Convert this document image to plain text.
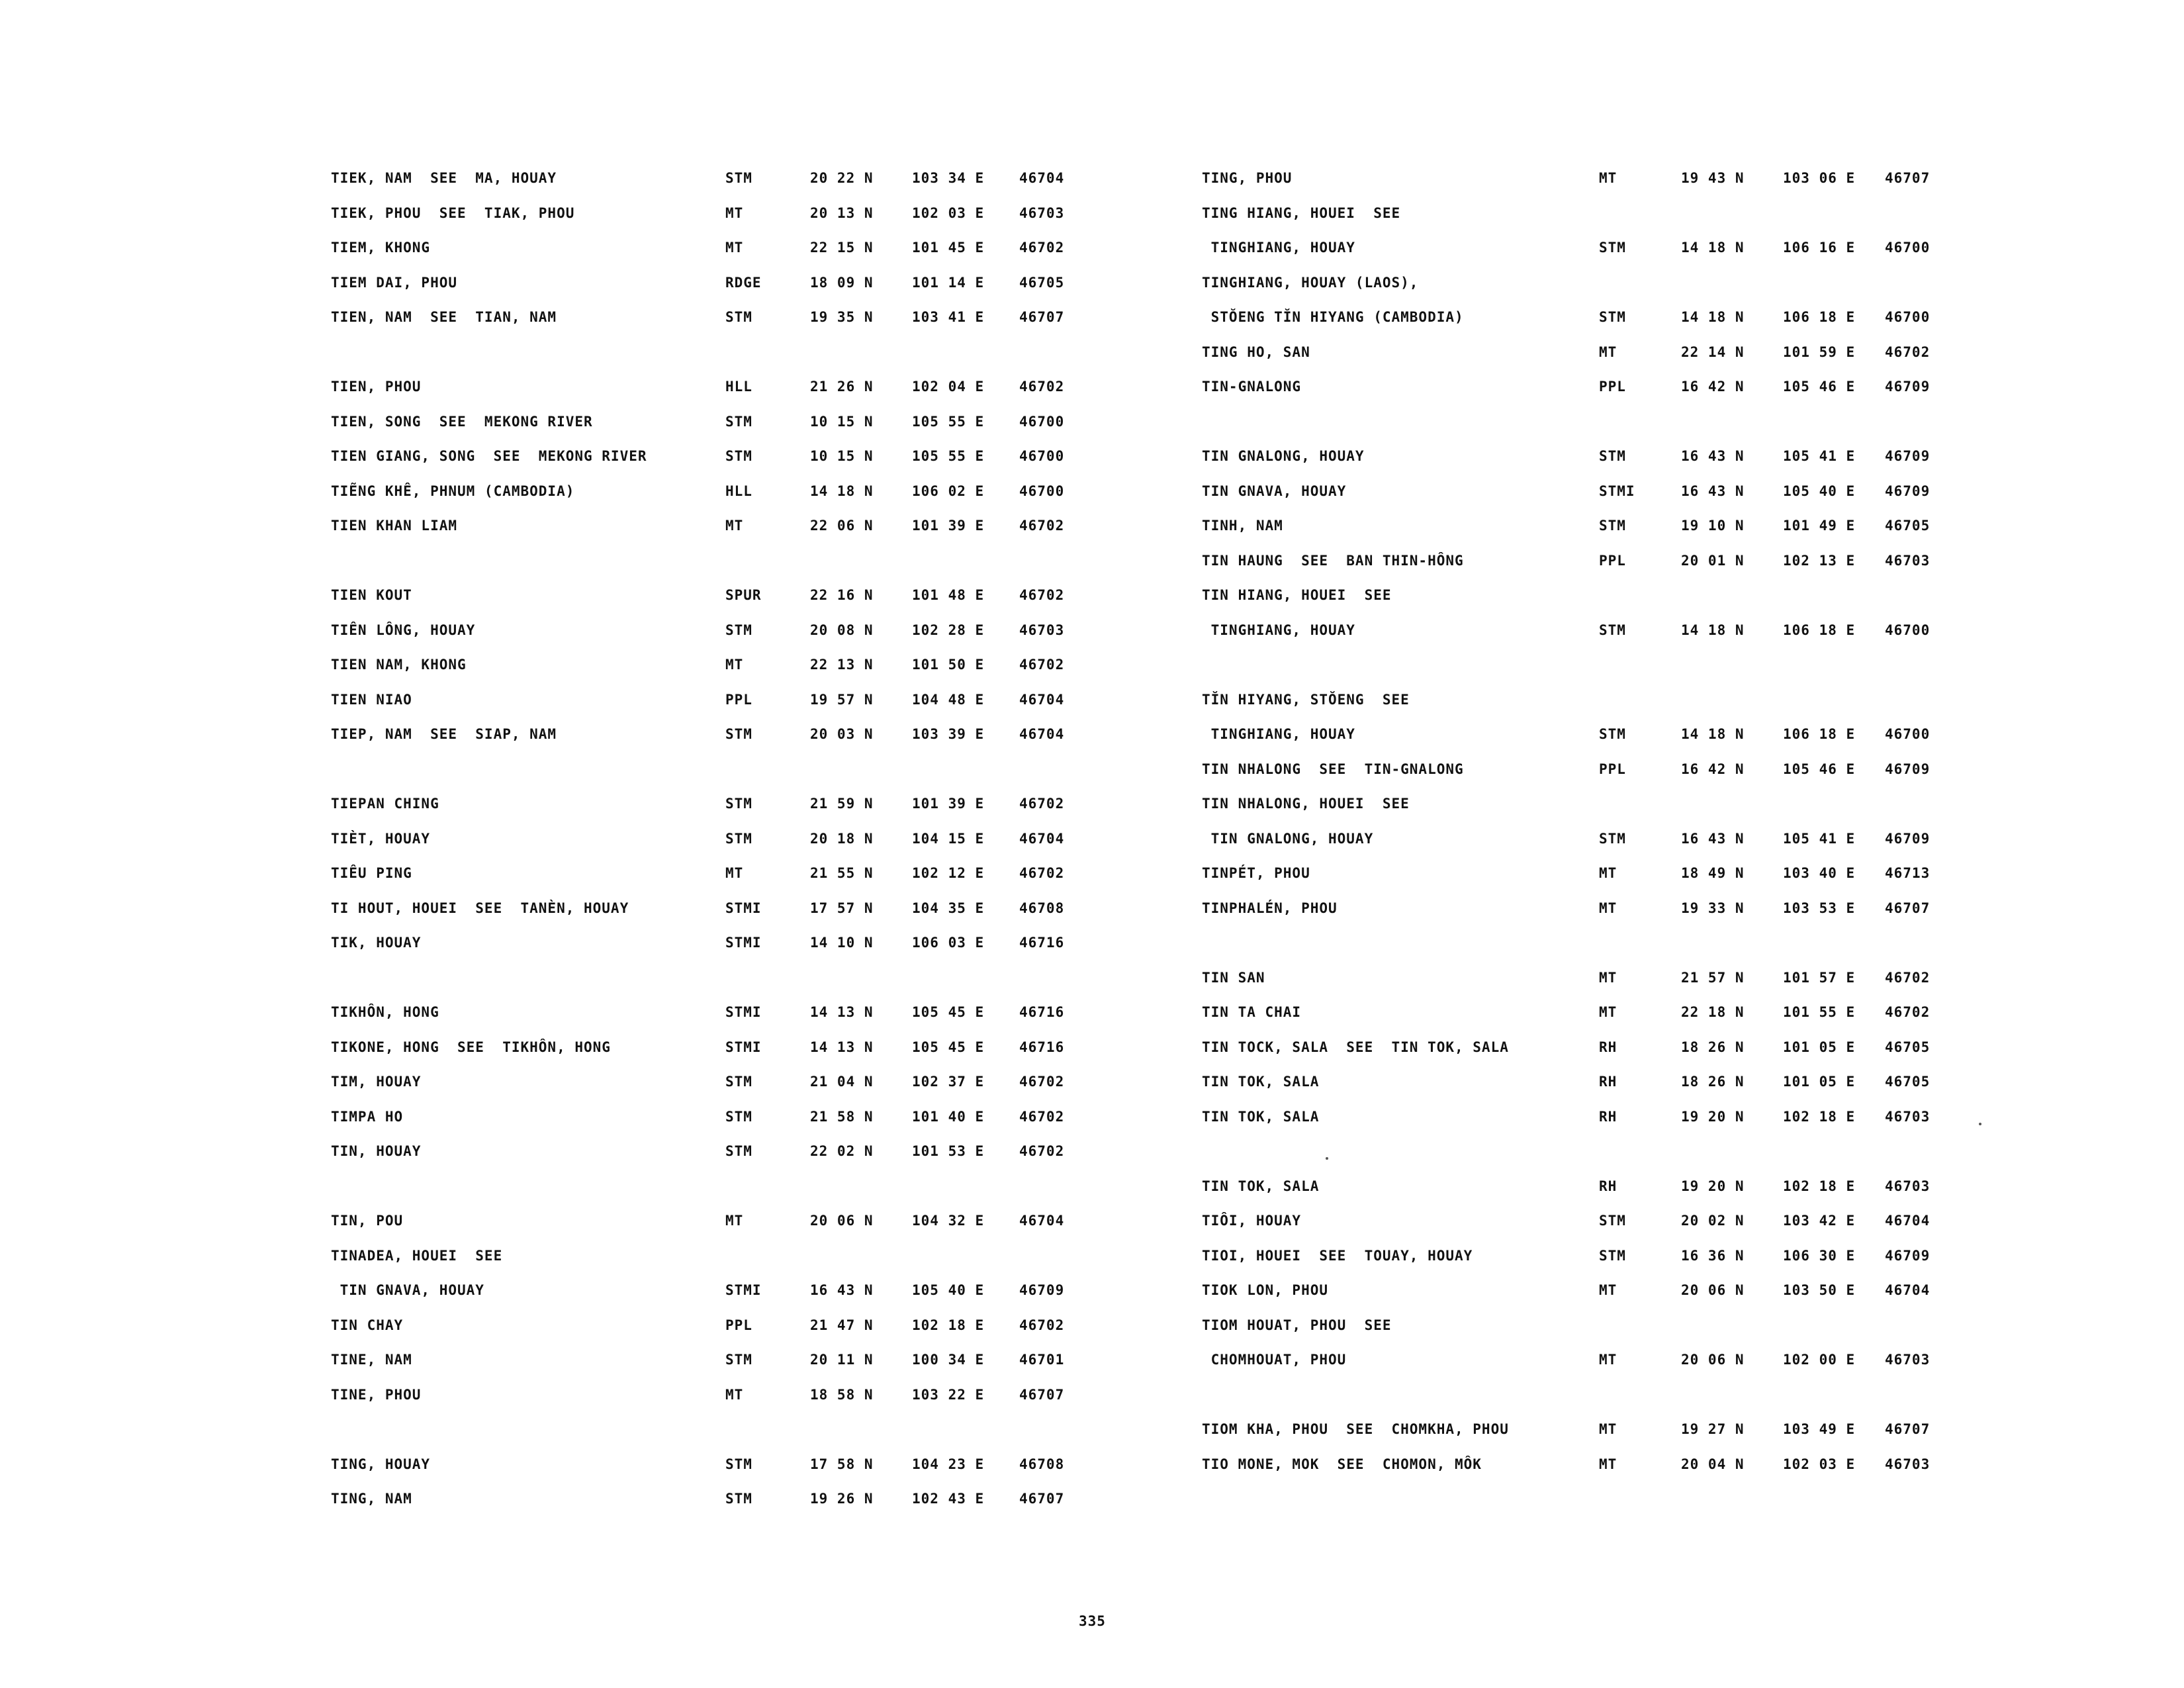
TIEK, NAM  SEE  MA, HOUAY	STM	20 22 N	103 34 E	46704
TIEK, PHOU  SEE  TIAK, PHOU	MT	20 13 N	102 03 E	46703
TIEM, KHONG	MT	22 15 N	101 45 E	46702
TIEM DAI, PHOU	RDGE	18 09 N	101 14 E	46705
TIEN, NAM  SEE  TIAN, NAM	STM	19 35 N	103 41 E	46707
TIEN, PHOU	HLL	21 26 N	102 04 E	46702
TIEN, SONG  SEE  MEKONG RIVER	STM	10 15 N	105 55 E	46700
TIEN GIANG, SONG  SEE  MEKONG RIVER	STM	10 15 N	105 55 E	46700
TIẼNG KHÊ, PHNUM (CAMBODIA)	HLL	14 18 N	106 02 E	46700
TIEN KHAN LIAM	MT	22 06 N	101 39 E	46702
TIEN KOUT	SPUR	22 16 N	101 48 E	46702
TIÊN LÔNG, HOUAY	STM	20 08 N	102 28 E	46703
TIEN NAM, KHONG	MT	22 13 N	101 50 E	46702
TIEN NIAO	PPL	19 57 N	104 48 E	46704
TIEP, NAM  SEE  SIAP, NAM	STM	20 03 N	103 39 E	46704
TIEPAN CHING	STM	21 59 N	101 39 E	46702
TIÈT, HOUAY	STM	20 18 N	104 15 E	46704
TIÊU PING	MT	21 55 N	102 12 E	46702
TI HOUT, HOUEI  SEE  TANÈN, HOUAY	STMI	17 57 N	104 35 E	46708
TIK, HOUAY	STMI	14 10 N	106 03 E	46716
TIKHÔN, HONG	STMI	14 13 N	105 45 E	46716
TIKONE, HONG  SEE  TIKHÔN, HONG	STMI	14 13 N	105 45 E	46716
TIM, HOUAY	STM	21 04 N	102 37 E	46702
TIMPA HO	STM	21 58 N	101 40 E	46702
TIN, HOUAY	STM	22 02 N	101 53 E	46702
TIN, POU	MT	20 06 N	104 32 E	46704
TINADEA, HOUEI  SEE
TIN GNAVA, HOUAY	STMI	16 43 N	105 40 E	46709
TIN CHAY	PPL	21 47 N	102 18 E	46702
TINE, NAM	STM	20 11 N	100 34 E	46701
TINE, PHOU	MT	18 58 N	103 22 E	46707
TING, HOUAY	STM	17 58 N	104 23 E	46708
TING, NAM	STM	19 26 N	102 43 E	46707
TING, PHOU	MT	19 43 N	103 06 E 46707
TING HIANG, HOUEI  SEE
TINGHIANG, HOUAY	STM	14 18 N	106 16 E 46700
TINGHIANG, HOUAY (LAOS),
STŎENG TĬN HIYANG (CAMBODIA)	STM	14 18 N	106 18 E 46700
TING HO, SAN	MT	22 14 N	101 59 E 46702
TIN-GNALONG	PPL	16 42 N	105 46 E 46709
TIN GNALONG, HOUAY	STM	16 43 N	105 41 E 46709
TIN GNAVA, HOUAY	STMI	16 43 N	105 40 E 46709
TINH, NAM	STM	19 10 N	101 49 E 46705
TIN HAUNG  SEE  BAN THIN-HÔNG	PPL	20 01 N	102 13 E 46703
TIN HIANG, HOUEI  SEE
TINGHIANG, HOUAY	STM	14 18 N	106 18 E 46700
TĬN HIYANG, STŎENG  SEE
TINGHIANG, HOUAY	STM	14 18 N	106 18 E 46700
TIN NHALONG  SEE  TIN-GNALONG	PPL	16 42 N	105 46 E 46709
TIN NHALONG, HOUEI  SEE
TIN GNALONG, HOUAY	STM	16 43 N	105 41 E 46709
TINPÉT, PHOU	MT	18 49 N	103 40 E 46713
TINPHALÉN, PHOU	MT	19 33 N	103 53 E 46707
TIN SAN	MT	21 57 N	101 57 E 46702
TIN TA CHAI	MT	22 18 N	101 55 E 46702
TIN TOCK, SALA  SEE  TIN TOK, SALA	RH	18 26 N	101 05 E 46705
TIN TOK, SALA	RH	18 26 N	101 05 E 46705
TIN TOK, SALA	RH	19 20 N	102 18 E 46703
TIN TOK, SALA	RH	19 20 N	102 18 E 46703
TIÔI, HOUAY	STM	20 02 N	103 42 E 46704
TIOI, HOUEI  SEE  TOUAY, HOUAY	STM	16 36 N	106 30 E 46709
TIOK LON, PHOU	MT	20 06 N	103 50 E 46704
TIOM HOUAT, PHOU  SEE
CHOMHOUAT, PHOU	MT	20 06 N	102 00 E 46703
TIOM KHA, PHOU  SEE  CHOMKHA, PHOU	MT	19 27 N	103 49 E 46707
TIO MONE, MOK  SEE  CHOMON, MÔK	MT	20 04 N	102 03 E 46703
335
